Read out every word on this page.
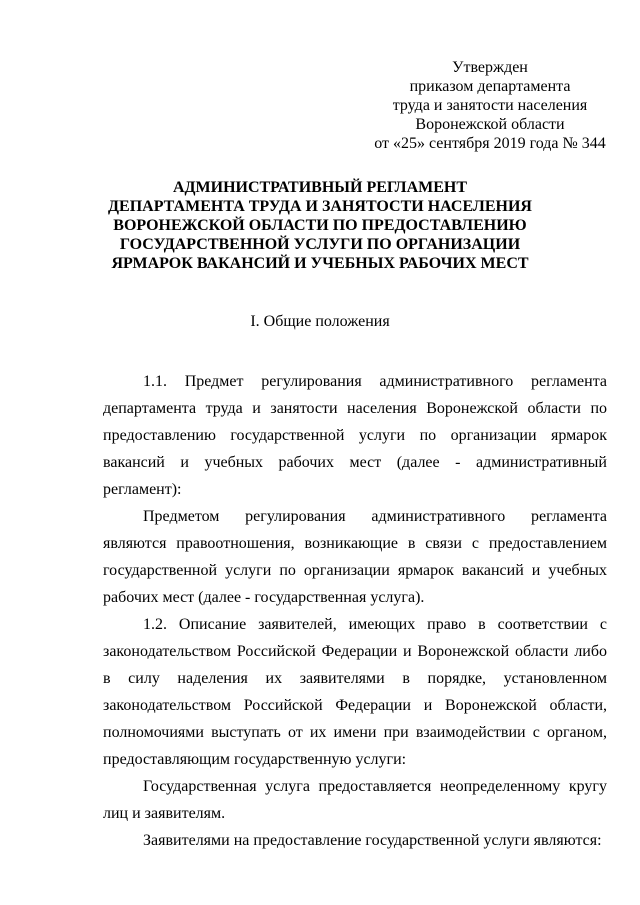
Утвержден
приказом департамента
труда и занятости населения
Воронежской области
от «25» сентября 2019 года № 344
АДМИНИСТРАТИВНЫЙ РЕГЛАМЕНТ
ДЕПАРТАМЕНТА ТРУДА И ЗАНЯТОСТИ НАСЕЛЕНИЯ
ВОРОНЕЖСКОЙ ОБЛАСТИ ПО ПРЕДОСТАВЛЕНИЮ
ГОСУДАРСТВЕННОЙ УСЛУГИ ПО ОРГАНИЗАЦИИ
ЯРМАРОК ВАКАНСИЙ И УЧЕБНЫХ РАБОЧИХ МЕСТ
I. Общие положения

1.1. Предмет регулирования административного регламента департамента труда и занятости населения Воронежской области по предоставлению государственной услуги по организации ярмарок вакансий и учебных рабочих мест (далее - административный регламент):

Предметом регулирования административного регламента являются правоотношения, возникающие в связи с предоставлением государственной услуги по организации ярмарок вакансий и учебных рабочих мест (далее - государственная услуга).

1.2. Описание заявителей, имеющих право в соответствии с законодательством Российской Федерации и Воронежской области либо в силу наделения их заявителями в порядке, установленном законодательством Российской Федерации и Воронежской области, полномочиями выступать от их имени при взаимодействии с органом, предоставляющим государственную услуги:

Государственная услуга предоставляется неопределенному кругу лиц и заявителям.

Заявителями на предоставление государственной услуги являются:
